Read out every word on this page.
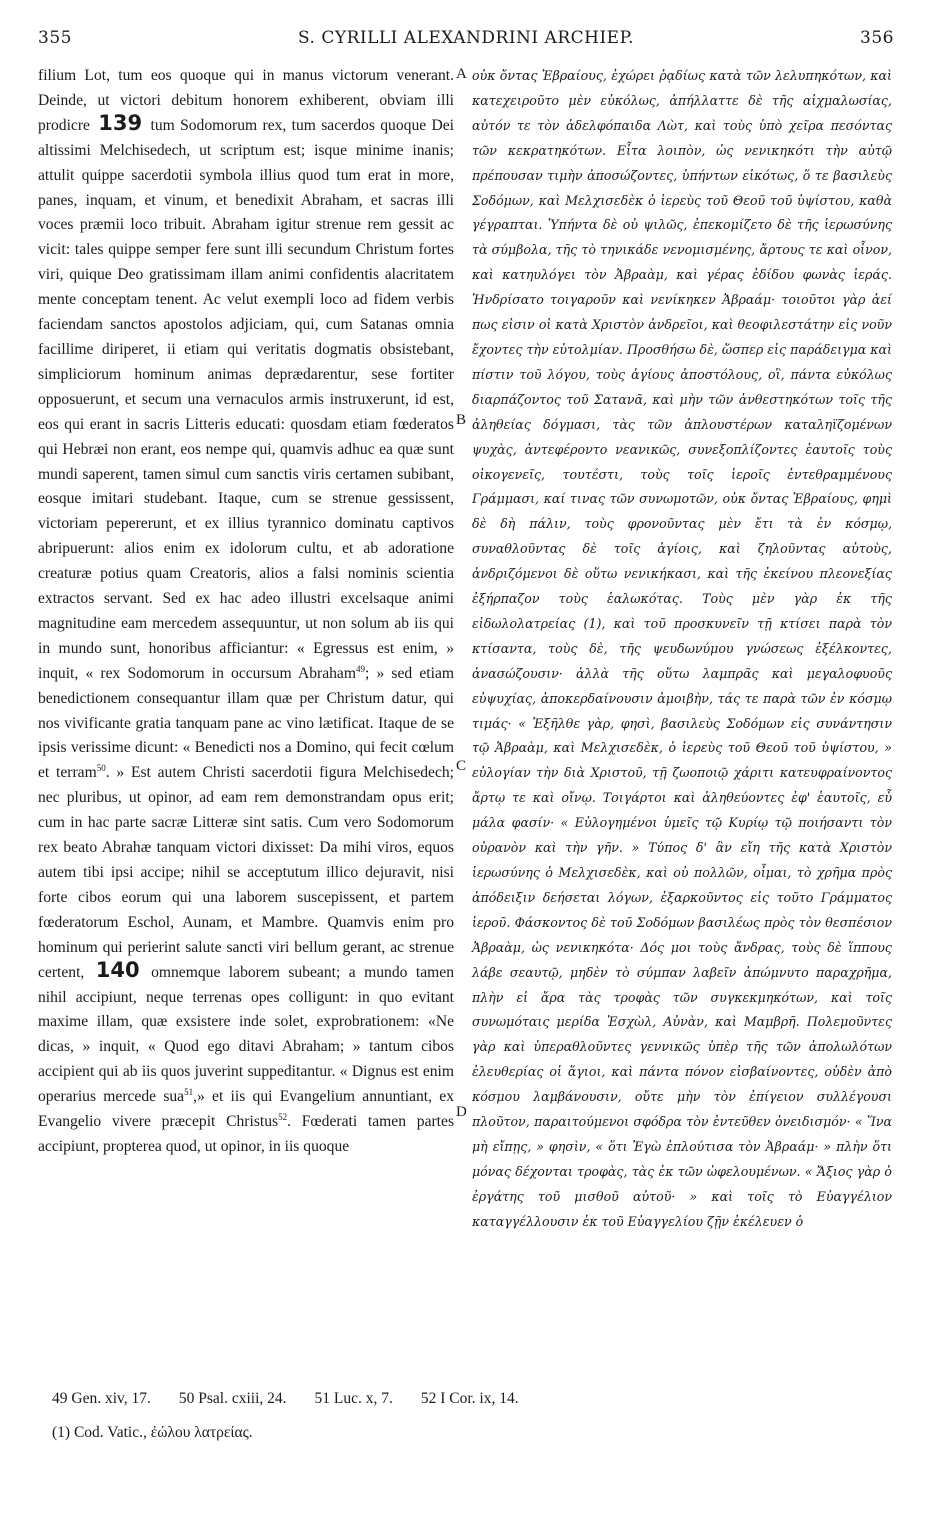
355	S. CYRILLI ALEXANDRINI ARCHIEP.	356

filium Lot, tum eos quoque qui in manus victorum venerant. Deinde, ut victori debitum honorem exhiberent, obviam illi prodicre 139 tum Sodomorum rex, tum sacerdos quoque Dei altissimi Melchisedech, ut scriptum est; isque minime inanis; attulit quippe sacerdotii symbola illius quod tum erat in more, panes, inquam, et vinum, et benedixit Abraham, et sacras illi voces præmii loco tribuit. Abraham igitur strenue rem gessit ac vicit: tales quippe semper fere sunt illi secundum Christum fortes viri, quique Deo gratissimam illam animi confidentis alacritatem mente conceptam tenent. Ac velut exempli loco ad fidem verbis faciendam sanctos apostolos adjiciam, qui, cum Satanas omnia facillime diriperet, ii etiam qui veritatis dogmatis obsistebant, simpliciorum hominum animas deprædarentur, sese fortiter opposuerunt, et secum una vernaculos armis instruxerunt, id est, eos qui erant in sacris Litteris educati: quosdam etiam fœderatos qui Hebræi non erant, eos nempe qui, quamvis adhuc ea quæ sunt mundi saperent, tamen simul cum sanctis viris certamen subibant, eosque imitari studebant. Itaque, cum se strenue gessissent, victoriam pepererunt, et ex illius tyrannico dominatu captivos abripuerunt: alios enim ex idolorum cultu, et ab adoratione creaturæ potius quam Creatoris, alios a falsi nominis scientia extractos servant. Sed ex hac adeo illustri excelsaque animi magnitudine eam mercedem assequuntur, ut non solum ab iis qui in mundo sunt, honoribus afficiantur: « Egressus est enim, » inquit, « rex Sodomorum in occursum Abraham$^{49}$; » sed etiam benedictionem consequantur illam quæ per Christum datur, qui nos vivificante gratia tanquam pane ac vino lætificat. Itaque de se ipsis verissime dicunt: « Benedicti nos a Domino, qui fecit cœlum et terram$^{50}$. » Est autem Christi sacerdotii figura Melchisedech; nec pluribus, ut opinor, ad eam rem demonstrandam opus erit; cum in hac parte sacræ Litteræ sint satis. Cum vero Sodomorum rex beato Abrahæ tanquam victori dixisset: Da mihi viros, equos autem tibi ipsi accipe; nihil se acceptutum illico dejuravit, nisi forte cibos eorum qui una laborem suscepissent, et partem fœderatorum Eschol, Aunam, et Mambre. Quamvis enim pro hominum qui perierint salute sancti viri bellum gerant, ac strenue certent, 140 omnemque laborem subeant; a mundo tamen nihil accipiunt, neque terrenas opes colligunt: in quo evitant maxime illam, quæ exsistere inde solet, exprobrationem: «Ne dicas, » inquit, « Quod ego ditavi Abraham; » tantum cibos accipient qui ab iis quos juverint suppeditantur. « Dignus est enim operarius mercede sua$^{51}$,» et iis qui Evangelium annuntiant, ex Evangelio vivere præcepit Christus$^{52}$. Fœderati tamen partes accipiunt, propterea quod, ut opinor, in iis quoque

A
B
C
D

οὐκ ὄντας Ἑβραίους, ἐχώρει ῥᾳδίως κατὰ τῶν λελυπηκότων, καὶ κατεχειροῦτο μὲν εὐκόλως, ἀπήλλαττε δὲ τῆς αἰχμαλωσίας, αὐτόν τε τὸν ἀδελφόπαιδα Λὼτ, καὶ τοὺς ὑπὸ χεῖρα πεσόντας τῶν κεκρατηκότων. Εἶτα λοιπὸν, ὡς νενικηκότι τὴν αὐτῷ πρέπουσαν τιμὴν ἀποσώζοντες, ὑπήντων εἰκότως, ὅ τε βασιλεὺς Σοδόμων, καὶ Μελχισεδὲκ ὁ ἱερεὺς τοῦ Θεοῦ τοῦ ὑψίστου, καθὰ γέγραπται. Ὑπήντα δὲ οὐ ψιλῶς, ἐπεκομίζετο δὲ τῆς ἱερωσύνης τὰ σύμβολα, τῆς τὸ τηνικάδε νενομισμένης, ἄρτους τε καὶ οἶνον, καὶ κατηυλόγει τὸν Ἀβραὰμ, καὶ γέρας ἐδίδου φωνὰς ἱεράς. Ἠνδρίσατο τοιγαροῦν καὶ νενίκηκεν Ἀβραάμ· τοιοῦτοι γὰρ ἀεί πως εἰσιν οἱ κατὰ Χριστὸν ἀνδρεῖοι, καὶ θεοφιλεστάτην εἰς νοῦν ἔχοντες τὴν εὐτολμίαν. Προσθήσω δὲ, ὥσπερ εἰς παράδειγμα καὶ πίστιν τοῦ λόγου, τοὺς ἁγίους ἀποστόλους, οἳ, πάντα εὐκόλως διαρπάζοντος τοῦ Σατανᾶ, καὶ μὴν τῶν ἀνθεστηκότων τοῖς τῆς ἀληθείας δόγμασι, τὰς τῶν ἁπλουστέρων καταληϊζομένων ψυχὰς, ἀντεφέροντο νεανικῶς, συνεξοπλίζοντες ἑαυτοῖς τοὺς οἰκογενεῖς, τουτέστι, τοὺς τοῖς ἱεροῖς ἐντεθραμμένους Γράμμασι, καί τινας τῶν συνωμοτῶν, οὐκ ὄντας Ἑβραίους, φημὶ δὲ δὴ πάλιν, τοὺς φρονοῦντας μὲν ἔτι τὰ ἐν κόσμῳ, συναθλοῦντας δὲ τοῖς ἁγίοις, καὶ ζηλοῦντας αὐτοὺς, ἀνδριζόμενοι δὲ οὕτω νενικήκασι, καὶ τῆς ἐκείνου πλεονεξίας ἐξήρπαζον τοὺς ἑαλωκότας. Τοὺς μὲν γὰρ ἐκ τῆς εἰδωλολατρείας (1), καὶ τοῦ προσκυνεῖν τῇ κτίσει παρὰ τὸν κτίσαντα, τοὺς δὲ, τῆς ψευδωνύμου γνώσεως ἐξέλκοντες, ἀνασώζουσιν· ἀλλὰ τῆς οὕτω λαμπρᾶς καὶ μεγαλοφυοῦς εὐψυχίας, ἀποκερδαίνουσιν ἀμοιβὴν, τάς τε παρὰ τῶν ἐν κόσμῳ τιμάς· « Ἐξῆλθε γὰρ, φησὶ, βασιλεὺς Σοδόμων εἰς συνάντησιν τῷ Ἀβραὰμ, καὶ Μελχισεδὲκ, ὁ ἱερεὺς τοῦ Θεοῦ τοῦ ὑψίστου, » εὐλογίαν τὴν διὰ Χριστοῦ, τῇ ζωοποιῷ χάριτι κατευφραίνοντος ἄρτῳ τε καὶ οἴνῳ. Τοιγάρτοι καὶ ἀληθεύοντες ἐφ' ἑαυτοῖς, εὖ μάλα φασίν· « Εὐλογημένοι ὑμεῖς τῷ Κυρίῳ τῷ ποιήσαντι τὸν οὐρανὸν καὶ τὴν γῆν. » Τύπος δ' ἂν εἴη τῆς κατὰ Χριστὸν ἱερωσύνης ὁ Μελχισεδὲκ, καὶ οὐ πολλῶν, οἶμαι, τὸ χρῆμα πρὸς ἀπόδειξιν δεήσεται λόγων, ἐξαρκοῦντος εἰς τοῦτο Γράμματος ἱεροῦ. Φάσκοντος δὲ τοῦ Σοδόμων βασιλέως πρὸς τὸν θεσπέσιον Ἀβραὰμ, ὡς νενικηκότα· Δός μοι τοὺς ἄνδρας, τοὺς δὲ ἵππους λάβε σεαυτῷ, μηδὲν τὸ σύμπαν λαβεῖν ἀπώμνυτο παραχρῆμα, πλὴν εἰ ἄρα τὰς τροφὰς τῶν συγκεκμηκότων, καὶ τοῖς συνωμόταις μερίδα Ἐσχὼλ, Αὐνὰν, καὶ Μαμβρῆ. Πολεμοῦντες γὰρ καὶ ὑπεραθλοῦντες γεννικῶς ὑπὲρ τῆς τῶν ἀπολωλότων ἐλευθερίας οἱ ἅγιοι, καὶ πάντα πόνον εἰσβαίνοντες, οὐδὲν ἀπὸ κόσμου λαμβάνουσιν, οὔτε μὴν τὸν ἐπίγειον συλλέγουσι πλοῦτον, παραιτούμενοι σφόδρα τὸν ἐντεῦθεν ὀνειδισμόν· « Ἵνα μὴ εἴπῃς, » φησὶν, « ὅτι Ἐγὼ ἐπλούτισα τὸν Ἀβραάμ· » πλὴν ὅτι μόνας δέχονται τροφὰς, τὰς ἐκ τῶν ὠφελουμένων. « Ἄξιος γὰρ ὁ ἐργάτης τοῦ μισθοῦ αὐτοῦ· » καὶ τοῖς τὸ Εὐαγγέλιον καταγγέλλουσιν ἐκ τοῦ Εὐαγγελίου ζῇν ἐκέλευεν ὁ

49 Gen. xiv, 17. 50 Psal. cxiii, 24. 51 Luc. x, 7. 52 I Cor. ix, 14.
(1) Cod. Vatic., ἐώλου λατρείας.
